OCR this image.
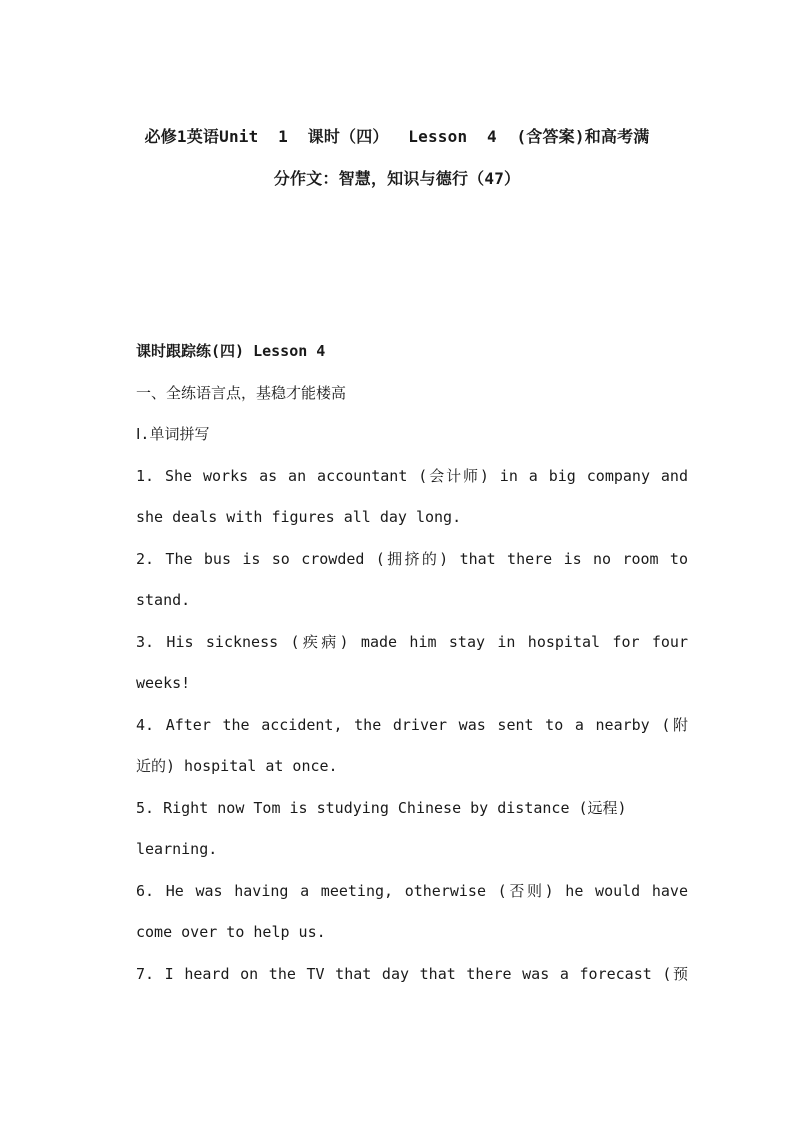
必修1英语Unit  1  课时（四）  Lesson  4  (含答案)和高考满
分作文：智慧，知识与德行（47）
课时跟踪练(四) Lesson 4
一、全练语言点，基稳才能楼高
Ⅰ.单词拼写
1. She works as an accountant (会计师) in a big company and
she deals with figures all day long.
2. The bus is so crowded (拥挤的) that there is no room to
stand.
3. His sickness (疾病) made him stay in hospital for four
weeks!
4. After the accident, the driver was sent to a nearby (附
近的) hospital at once.
5. Right now Tom is studying Chinese by distance (远程)
learning.
6. He was having a meeting, otherwise (否则) he would have
come over to help us.
7. I heard on the TV that day that there was a forecast (预
